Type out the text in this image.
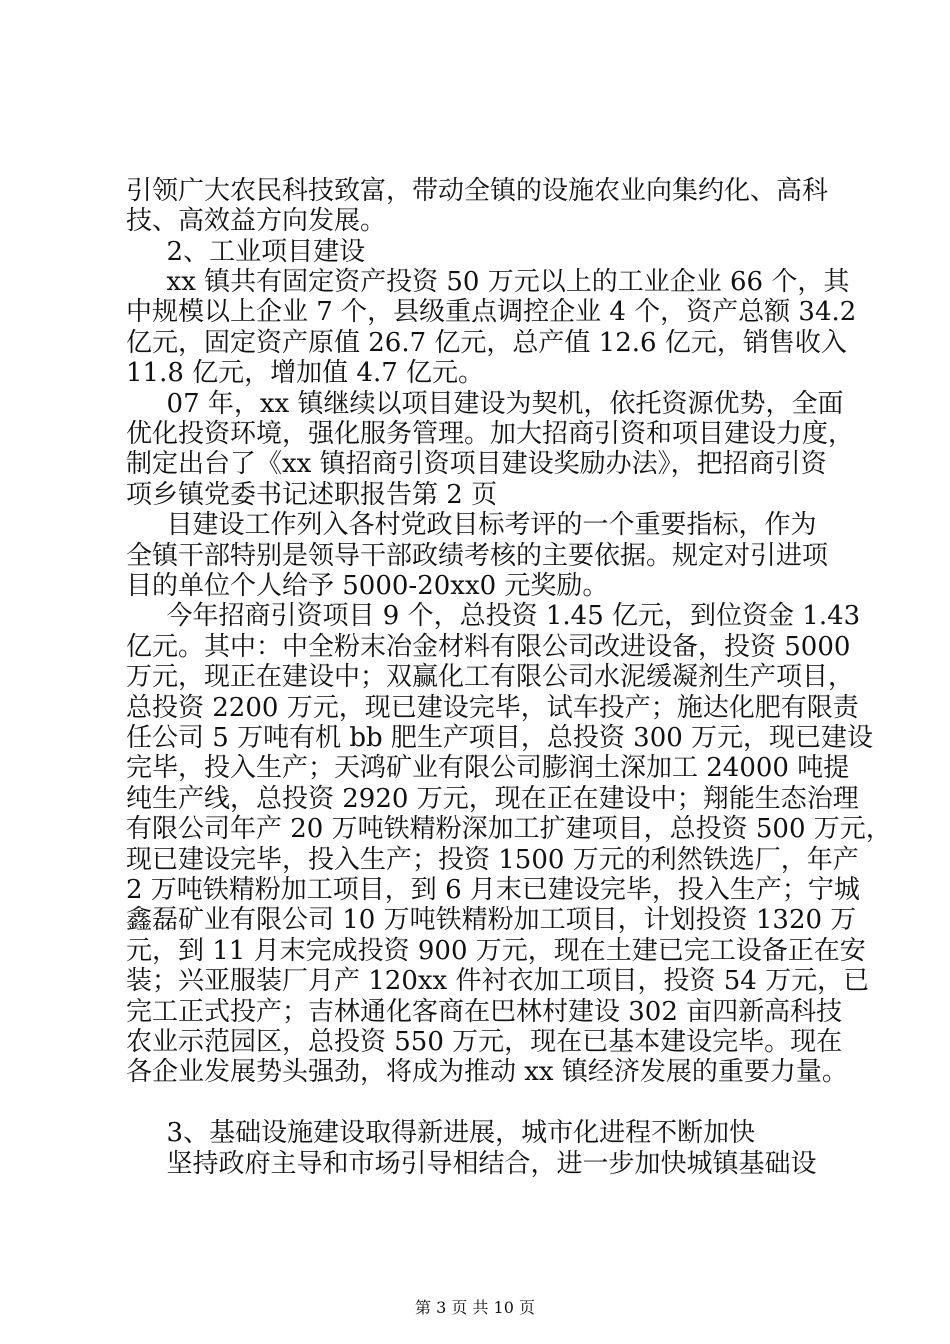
引领广大农民科技致富，带动全镇的设施农业向集约化、高科
技、高效益方向发展。
2、工业项目建设
xx 镇共有固定资产投资 50 万元以上的工业企业 66 个，其
中规模以上企业 7 个，县级重点调控企业 4 个，资产总额 34.2
亿元，固定资产原值 26.7 亿元，总产值 12.6 亿元，销售收入
11.8 亿元，增加值 4.7 亿元。
07 年，xx 镇继续以项目建设为契机，依托资源优势，全面
优化投资环境，强化服务管理。加大招商引资和项目建设力度，
制定出台了《xx 镇招商引资项目建设奖励办法》，把招商引资
项乡镇党委书记述职报告第 2 页
目建设工作列入各村党政目标考评的一个重要指标，作为
全镇干部特别是领导干部政绩考核的主要依据。规定对引进项
目的单位个人给予 5000-20xx0 元奖励。
今年招商引资项目 9 个，总投资 1.45 亿元，到位资金 1.43
亿元。其中：中全粉末冶金材料有限公司改进设备，投资 5000
万元，现正在建设中；双赢化工有限公司水泥缓凝剂生产项目，
总投资 2200 万元，现已建设完毕，试车投产；施达化肥有限责
任公司 5 万吨有机 bb 肥生产项目，总投资 300 万元，现已建设
完毕，投入生产；天鸿矿业有限公司膨润土深加工 24000 吨提
纯生产线，总投资 2920 万元，现在正在建设中；翔能生态治理
有限公司年产 20 万吨铁精粉深加工扩建项目，总投资 500 万元，
现已建设完毕，投入生产；投资 1500 万元的利然铁选厂，年产
2 万吨铁精粉加工项目，到 6 月末已建设完毕，投入生产；宁城
鑫磊矿业有限公司 10 万吨铁精粉加工项目，计划投资 1320 万
元，到 11 月末完成投资 900 万元，现在土建已完工设备正在安
装；兴亚服装厂月产 120xx 件衬衣加工项目，投资 54 万元，已
完工正式投产；吉林通化客商在巴林村建设 302 亩四新高科技
农业示范园区，总投资 550 万元，现在已基本建设完毕。现在
各企业发展势头强劲，将成为推动 xx 镇经济发展的重要力量。
3、基础设施建设取得新进展，城市化进程不断加快
坚持政府主导和市场引导相结合，进一步加快城镇基础设
第 3 页 共 10 页
